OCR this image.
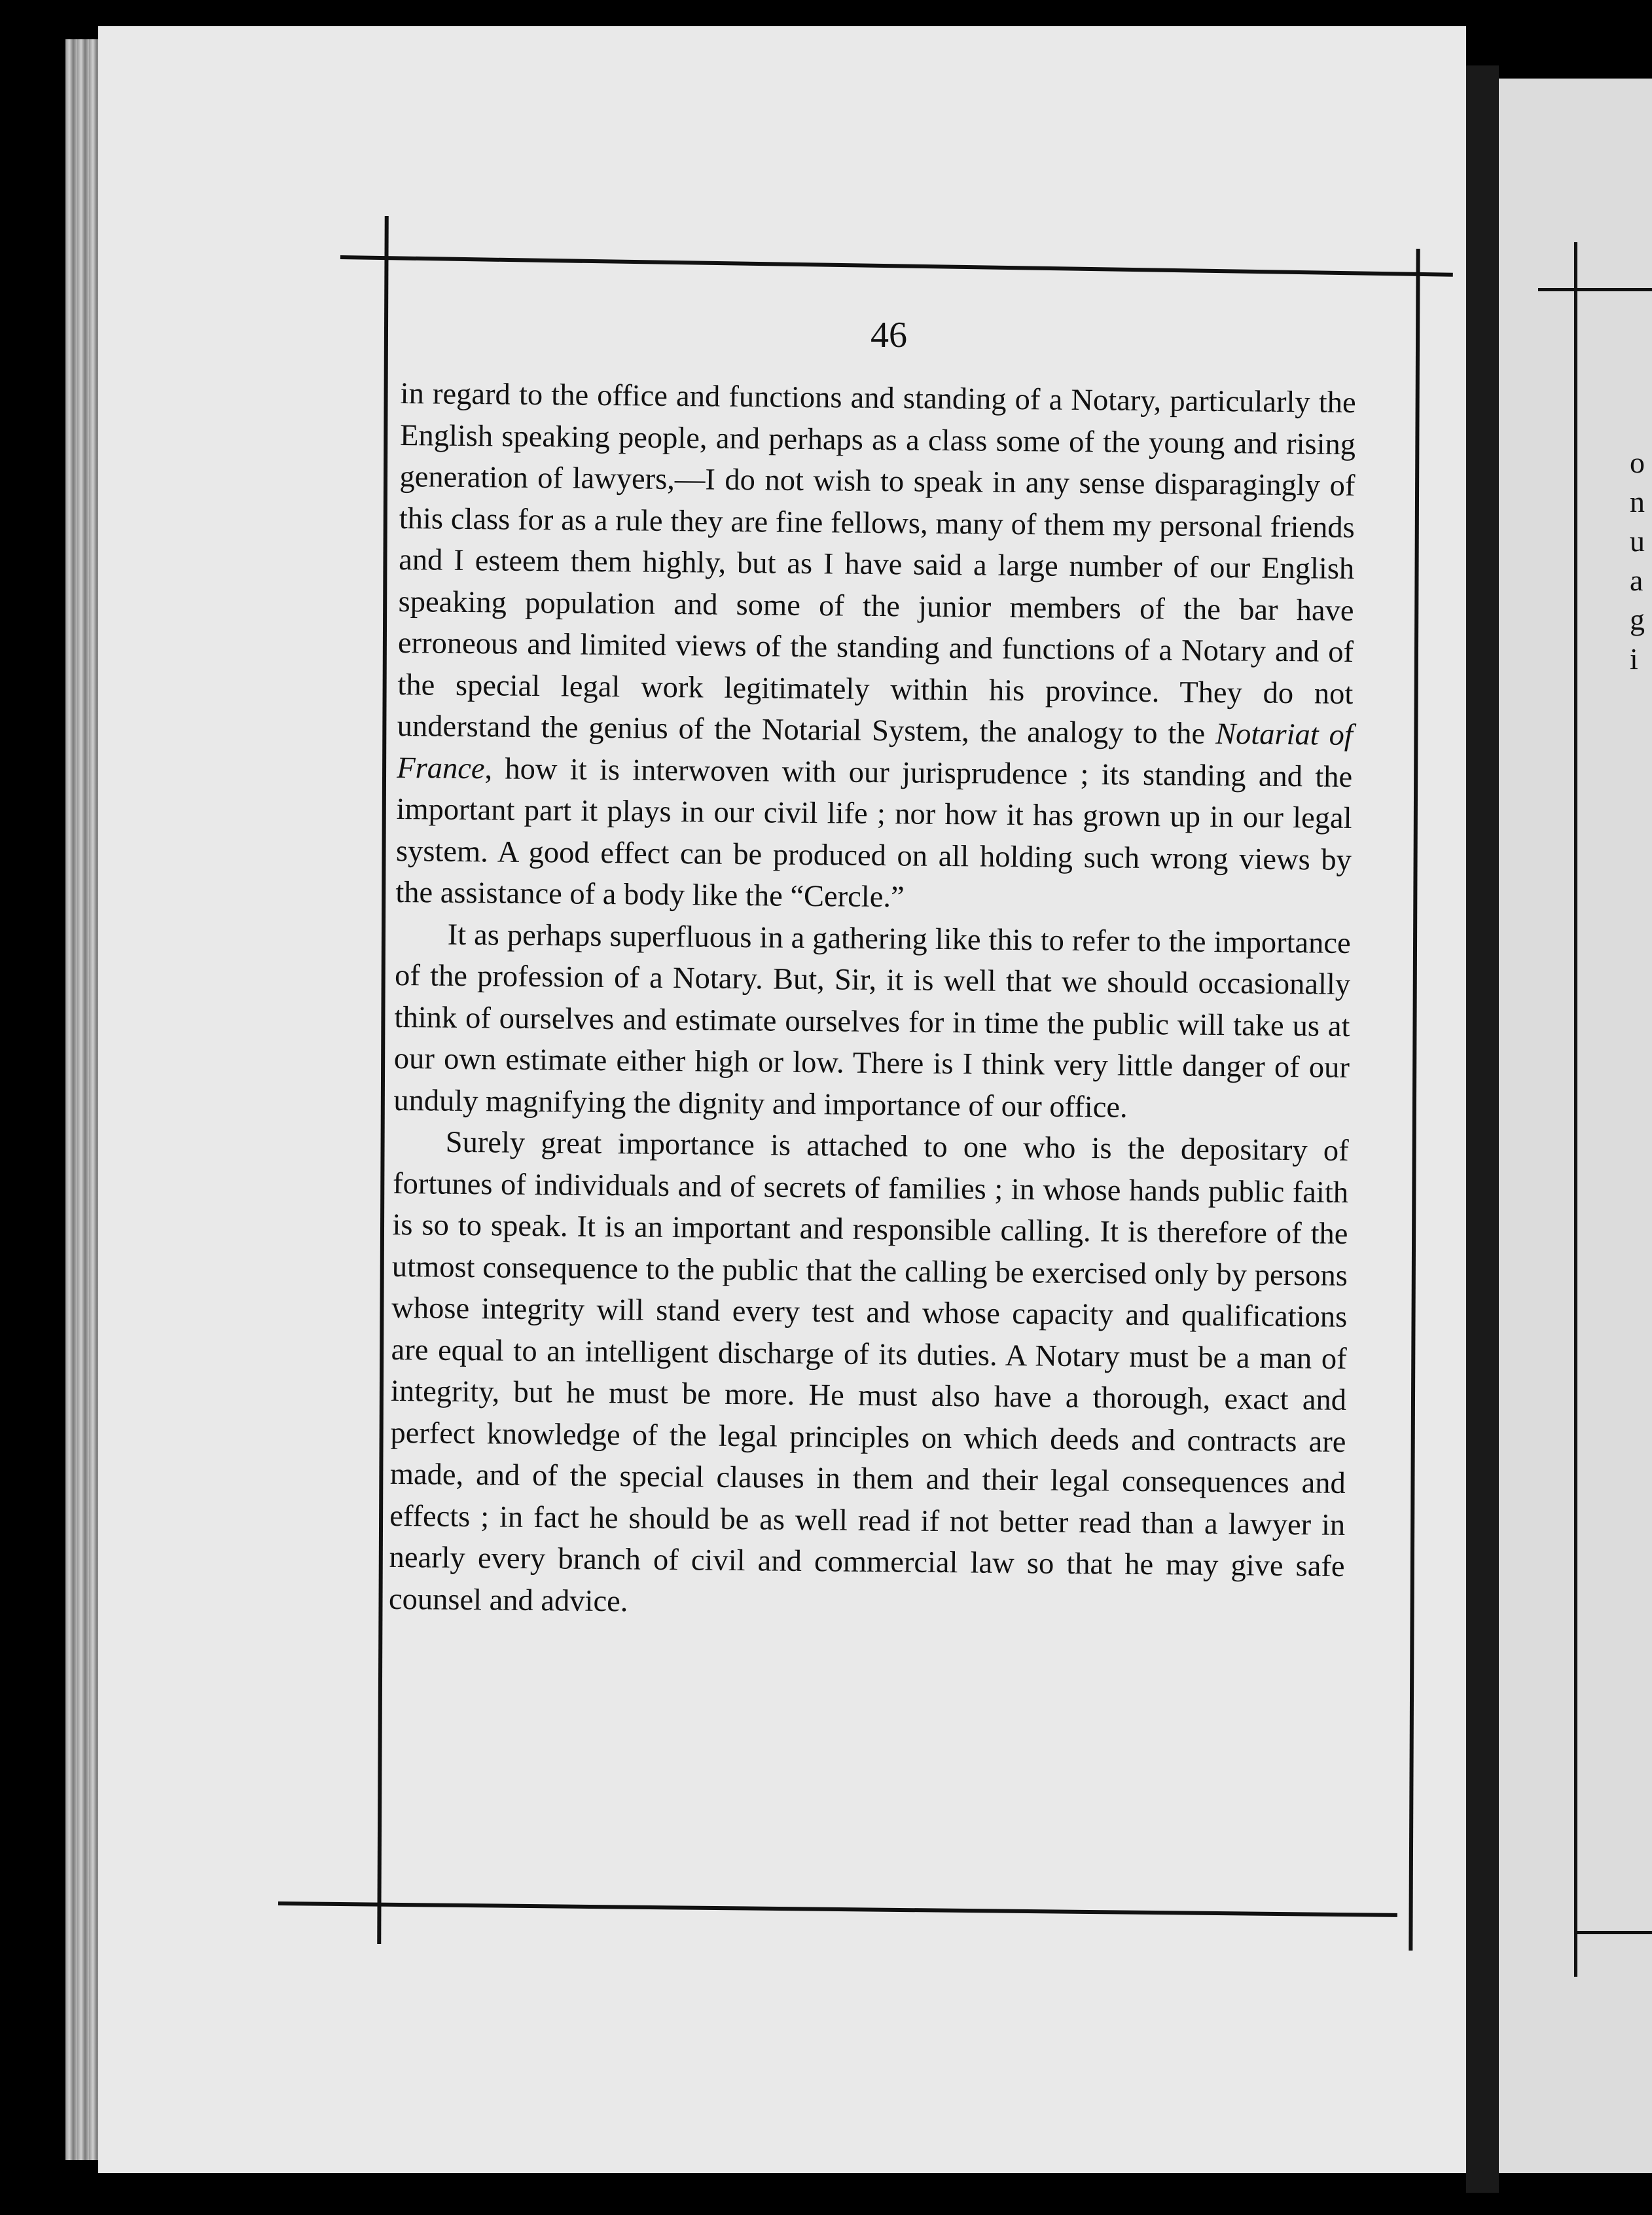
o
n
u
a
g
i
46

in regard to the office and functions and standing of a Notary, particularly the English speaking people, and perhaps as a class some of the young and rising generation of lawyers,—I do not wish to speak in any sense disparagingly of this class for as a rule they are fine fellows, many of them my personal friends and I esteem them highly, but as I have said a large number of our English speaking population and some of the junior members of the bar have erroneous and limited views of the standing and functions of a Notary and of the special legal work legitimately within his province. They do not understand the genius of the Notarial System, the analogy to the Notariat of France, how it is interwoven with our jurisprudence ; its standing and the important part it plays in our civil life ; nor how it has grown up in our legal system. A good effect can be produced on all holding such wrong views by the assistance of a body like the “Cercle.”

It as perhaps superfluous in a gathering like this to refer to the importance of the profession of a Notary. But, Sir, it is well that we should occasionally think of ourselves and estimate ourselves for in time the public will take us at our own estimate either high or low. There is I think very little danger of our unduly magnifying the dignity and importance of our office.

Surely great importance is attached to one who is the depositary of fortunes of individuals and of secrets of families ; in whose hands public faith is so to speak. It is an important and responsible calling. It is therefore of the utmost consequence to the public that the calling be exercised only by persons whose integrity will stand every test and whose capacity and qualifications are equal to an intelligent discharge of its duties. A Notary must be a man of integrity, but he must be more. He must also have a thorough, exact and perfect knowledge of the legal principles on which deeds and contracts are made, and of the special clauses in them and their legal consequences and effects ; in fact he should be as well read if not better read than a lawyer in nearly every branch of civil and commercial law so that he may give safe counsel and advice.
